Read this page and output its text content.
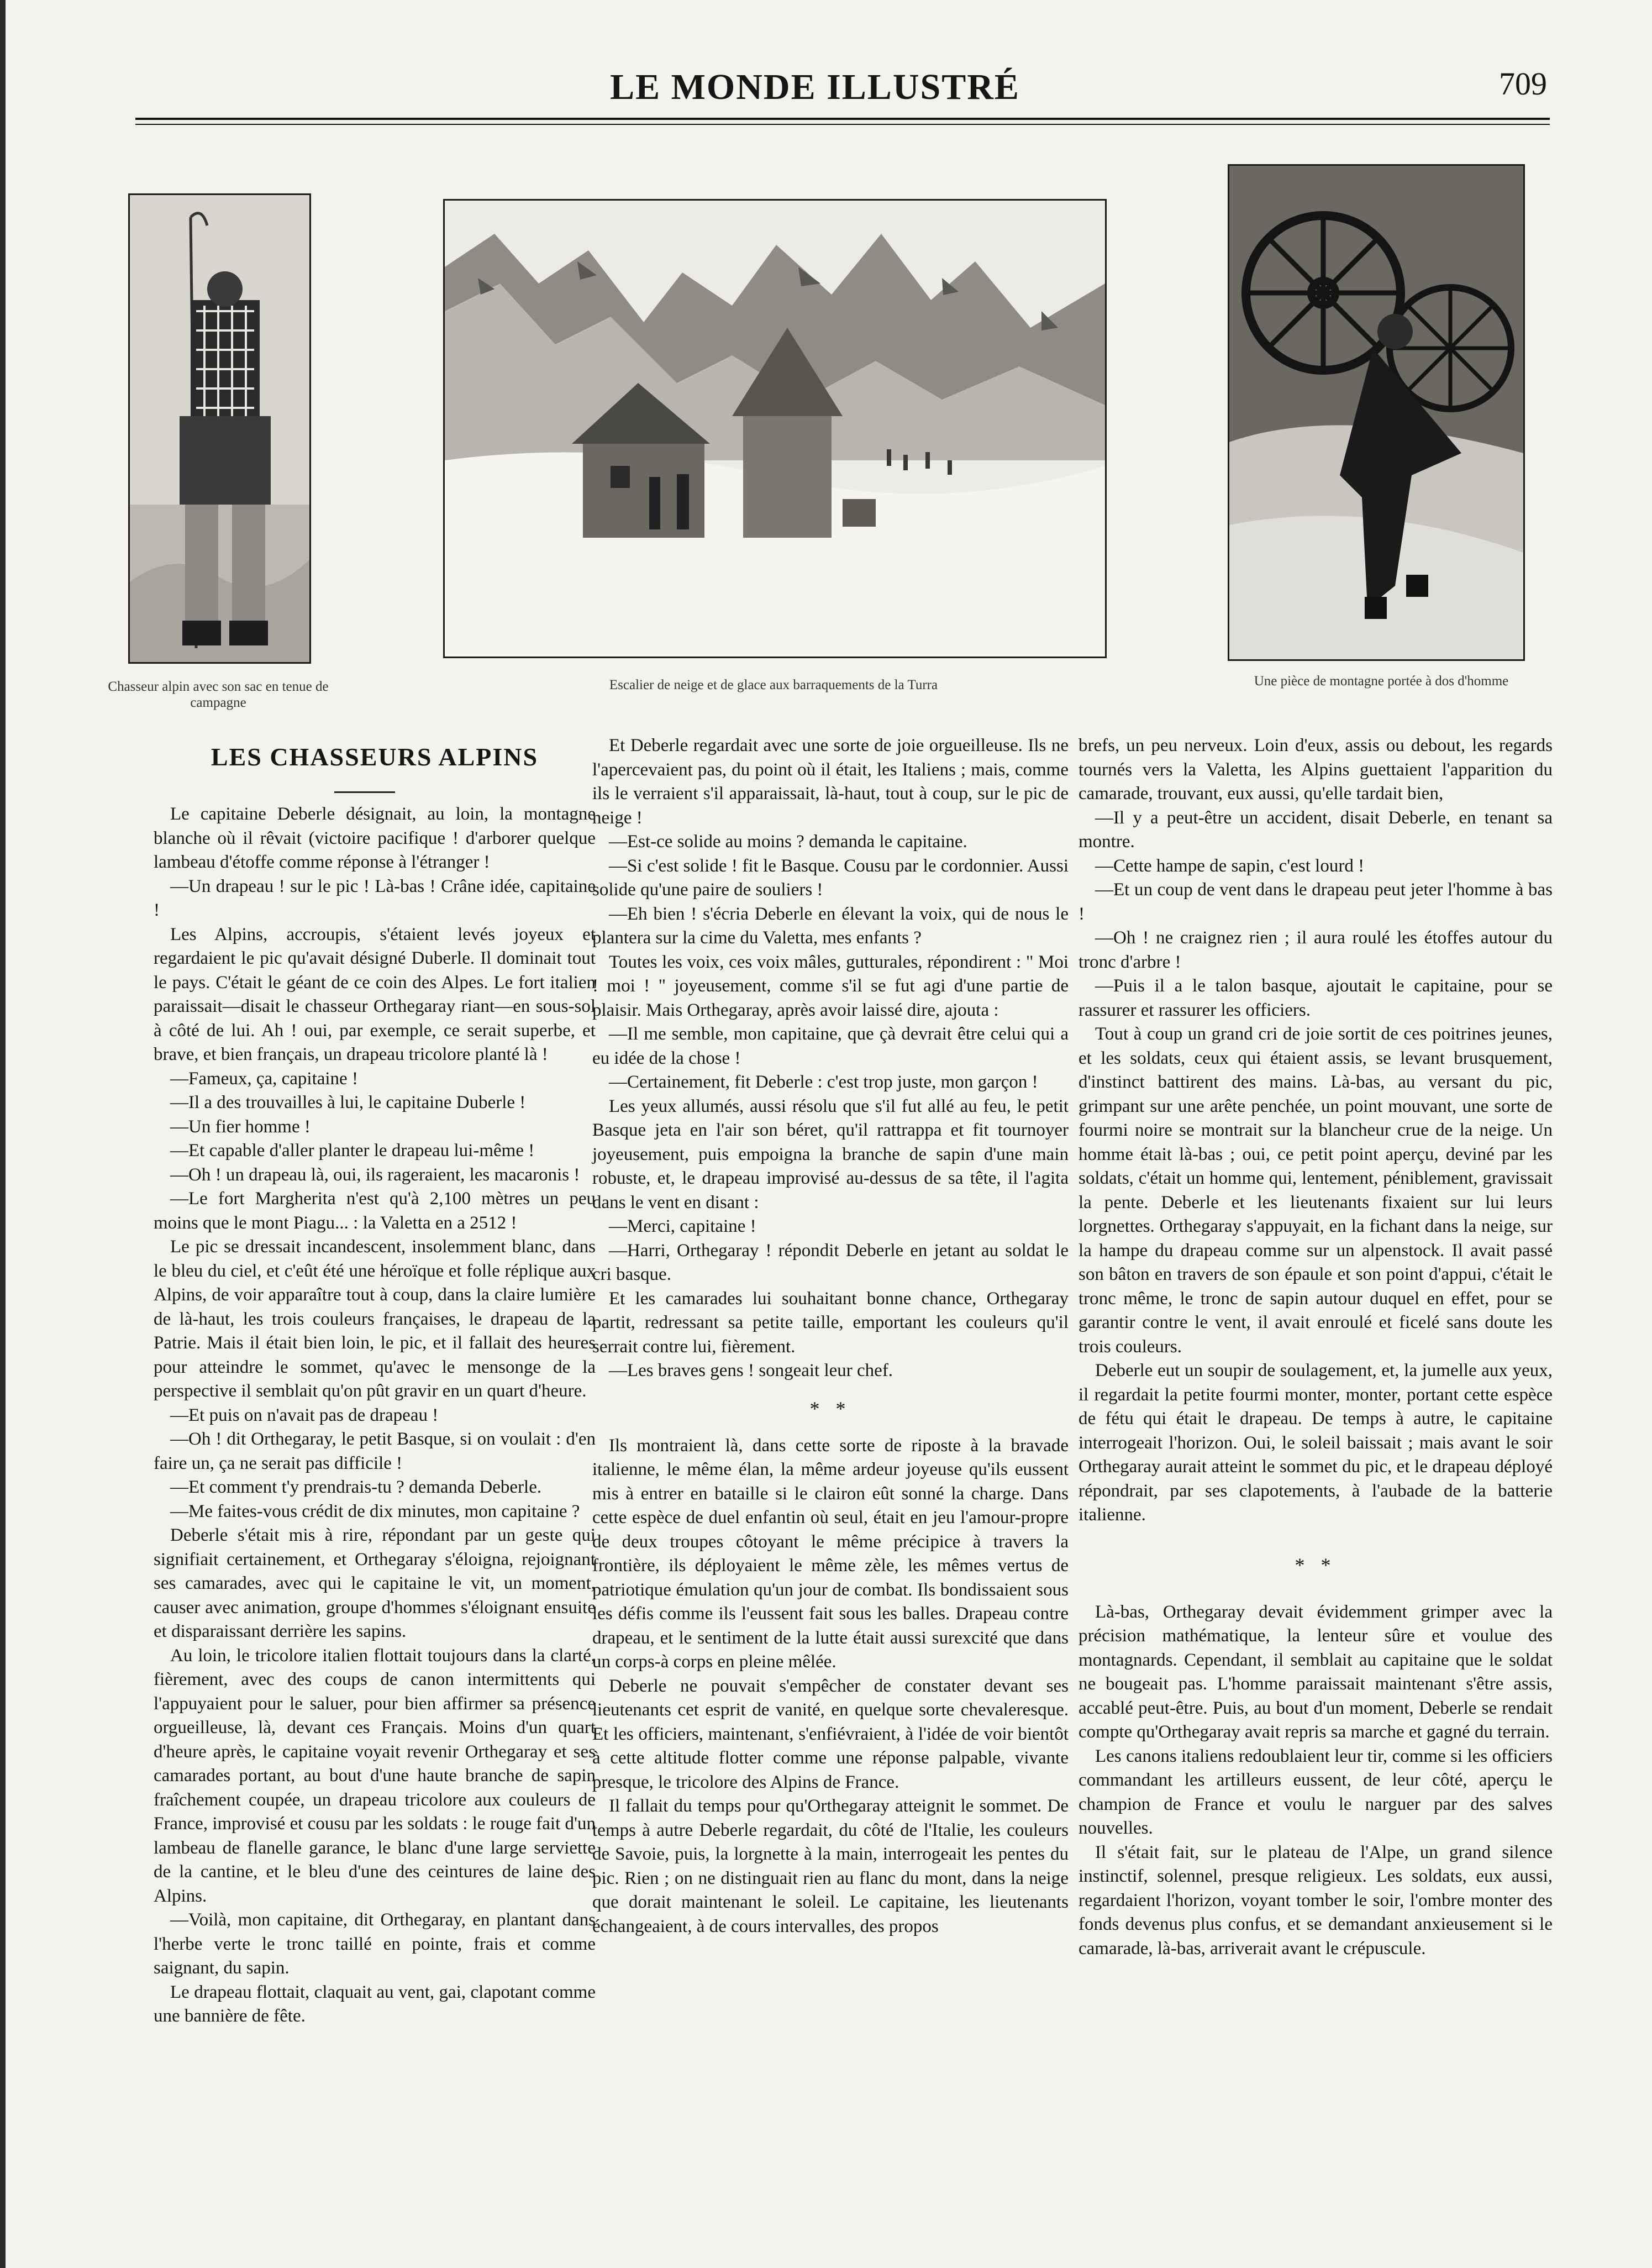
LE MONDE ILLUSTRÉ	709
Chasseur alpin avec son sac en tenue de campagne
Escalier de neige et de glace aux barraquements de la Turra	Une pièce de montagne portée à dos d'homme
LES CHASSEURS ALPINS

Le capitaine Deberle désignait, au loin, la montagne blanche où il rêvait (victoire pacifique ! d'arborer quelque lambeau d'étoffe comme réponse à l'étranger !

—Un drapeau ! sur le pic ! Là-bas ! Crâne idée, capitaine !

Les Alpins, accroupis, s'étaient levés joyeux et regardaient le pic qu'avait désigné Duberle. Il dominait tout le pays. C'était le géant de ce coin des Alpes. Le fort italien paraissait—disait le chasseur Orthegaray riant—en sous-sol à côté de lui. Ah ! oui, par exemple, ce serait superbe, et brave, et bien français, un drapeau tricolore planté là !

—Fameux, ça, capitaine !

—Il a des trouvailles à lui, le capitaine Duberle !

—Un fier homme !

—Et capable d'aller planter le drapeau lui-même !

—Oh ! un drapeau là, oui, ils rageraient, les macaronis !

—Le fort Margherita n'est qu'à 2,100 mètres un peu moins que le mont Piagu... : la Valetta en a 2512 !

Le pic se dressait incandescent, insolemment blanc, dans le bleu du ciel, et c'eût été une héroïque et folle réplique aux Alpins, de voir apparaître tout à coup, dans la claire lumière de là-haut, les trois couleurs françaises, le drapeau de la Patrie. Mais il était bien loin, le pic, et il fallait des heures pour atteindre le sommet, qu'avec le mensonge de la perspective il semblait qu'on pût gravir en un quart d'heure.

—Et puis on n'avait pas de drapeau !

—Oh ! dit Orthegaray, le petit Basque, si on voulait : d'en faire un, ça ne serait pas difficile !

—Et comment t'y prendrais-tu ? demanda Deberle.

—Me faites-vous crédit de dix minutes, mon capitaine ?

Deberle s'était mis à rire, répondant par un geste qui signifiait certainement, et Orthegaray s'éloigna, rejoignant ses camarades, avec qui le capitaine le vit, un moment, causer avec animation, groupe d'hommes s'éloignant ensuite et disparaissant derrière les sapins.

Au loin, le tricolore italien flottait toujours dans la clarté, fièrement, avec des coups de canon intermittents qui l'appuyaient pour le saluer, pour bien affirmer sa présence orgueilleuse, là, devant ces Français. Moins d'un quart d'heure après, le capitaine voyait revenir Orthegaray et ses camarades portant, au bout d'une haute branche de sapin fraîchement coupée, un drapeau tricolore aux couleurs de France, improvisé et cousu par les soldats : le rouge fait d'un lambeau de flanelle garance, le blanc d'une large serviette de la cantine, et le bleu d'une des ceintures de laine des Alpins.

—Voilà, mon capitaine, dit Orthegaray, en plantant dans l'herbe verte le tronc taillé en pointe, frais et comme saignant, du sapin.

Le drapeau flottait, claquait au vent, gai, clapotant comme une bannière de fête.

Et Deberle regardait avec une sorte de joie orgueilleuse. Ils ne l'apercevaient pas, du point où il était, les Italiens ; mais, comme ils le verraient s'il apparaissait, là-haut, tout à coup, sur le pic de neige !

—Est-ce solide au moins ? demanda le capitaine.

—Si c'est solide ! fit le Basque. Cousu par le cordonnier. Aussi solide qu'une paire de souliers !

—Eh bien ! s'écria Deberle en élevant la voix, qui de nous le plantera sur la cime du Valetta, mes enfants ?

Toutes les voix, ces voix mâles, gutturales, répondirent : " Moi ! moi ! " joyeusement, comme s'il se fut agi d'une partie de plaisir. Mais Orthegaray, après avoir laissé dire, ajouta :

—Il me semble, mon capitaine, que çà devrait être celui qui a eu idée de la chose !

—Certainement, fit Deberle : c'est trop juste, mon garçon !

Les yeux allumés, aussi résolu que s'il fut allé au feu, le petit Basque jeta en l'air son béret, qu'il rattrappa et fit tournoyer joyeusement, puis empoigna la branche de sapin d'une main robuste, et, le drapeau improvisé au-dessus de sa tête, il l'agita dans le vent en disant :

—Merci, capitaine !

—Harri, Orthegaray ! répondit Deberle en jetant au soldat le cri basque.

Et les camarades lui souhaitant bonne chance, Orthegaray partit, redressant sa petite taille, emportant les couleurs qu'il serrait contre lui, fièrement.

—Les braves gens ! songeait leur chef.

* *

Ils montraient là, dans cette sorte de riposte à la bravade italienne, le même élan, la même ardeur joyeuse qu'ils eussent mis à entrer en bataille si le clairon eût sonné la charge. Dans cette espèce de duel enfantin où seul, était en jeu l'amour-propre de deux troupes côtoyant le même précipice à travers la frontière, ils déployaient le même zèle, les mêmes vertus de patriotique émulation qu'un jour de combat. Ils bondissaient sous les défis comme ils l'eussent fait sous les balles. Drapeau contre drapeau, et le sentiment de la lutte était aussi surexcité que dans un corps-à corps en pleine mêlée.

Deberle ne pouvait s'empêcher de constater devant ses lieutenants cet esprit de vanité, en quelque sorte chevaleresque. Et les officiers, maintenant, s'enfiévraient, à l'idée de voir bientôt à cette altitude flotter comme une réponse palpable, vivante presque, le tricolore des Alpins de France.

Il fallait du temps pour qu'Orthegaray atteignit le sommet. De temps à autre Deberle regardait, du côté de l'Italie, les couleurs de Savoie, puis, la lorgnette à la main, interrogeait les pentes du pic. Rien ; on ne distinguait rien au flanc du mont, dans la neige que dorait maintenant le soleil. Le capitaine, les lieutenants échangeaient, à de cours intervalles, des propos

brefs, un peu nerveux. Loin d'eux, assis ou debout, les regards tournés vers la Valetta, les Alpins guettaient l'apparition du camarade, trouvant, eux aussi, qu'elle tardait bien,

—Il y a peut-être un accident, disait Deberle, en tenant sa montre.

—Cette hampe de sapin, c'est lourd !

—Et un coup de vent dans le drapeau peut jeter l'homme à bas !

—Oh ! ne craignez rien ; il aura roulé les étoffes autour du tronc d'arbre !

—Puis il a le talon basque, ajoutait le capitaine, pour se rassurer et rassurer les officiers.

Tout à coup un grand cri de joie sortit de ces poitrines jeunes, et les soldats, ceux qui étaient assis, se levant brusquement, d'instinct battirent des mains. Là-bas, au versant du pic, grimpant sur une arête penchée, un point mouvant, une sorte de fourmi noire se montrait sur la blancheur crue de la neige. Un homme était là-bas ; oui, ce petit point aperçu, deviné par les soldats, c'était un homme qui, lentement, péniblement, gravissait la pente. Deberle et les lieutenants fixaient sur lui leurs lorgnettes. Orthegaray s'appuyait, en la fichant dans la neige, sur la hampe du drapeau comme sur un alpenstock. Il avait passé son bâton en travers de son épaule et son point d'appui, c'était le tronc même, le tronc de sapin autour duquel en effet, pour se garantir contre le vent, il avait enroulé et ficelé sans doute les trois couleurs.

Deberle eut un soupir de soulagement, et, la jumelle aux yeux, il regardait la petite fourmi monter, monter, portant cette espèce de fétu qui était le drapeau. De temps à autre, le capitaine interrogeait l'horizon. Oui, le soleil baissait ; mais avant le soir Orthegaray aurait atteint le sommet du pic, et le drapeau déployé répondrait, par ses clapotements, à l'aubade de la batterie italienne.

* *

Là-bas, Orthegaray devait évidemment grimper avec la précision mathématique, la lenteur sûre et voulue des montagnards. Cependant, il semblait au capitaine que le soldat ne bougeait pas. L'homme paraissait maintenant s'être assis, accablé peut-être. Puis, au bout d'un moment, Deberle se rendait compte qu'Orthegaray avait repris sa marche et gagné du terrain.

Les canons italiens redoublaient leur tir, comme si les officiers commandant les artilleurs eussent, de leur côté, aperçu le champion de France et voulu le narguer par des salves nouvelles.

Il s'était fait, sur le plateau de l'Alpe, un grand silence instinctif, solennel, presque religieux. Les soldats, eux aussi, regardaient l'horizon, voyant tomber le soir, l'ombre monter des fonds devenus plus confus, et se demandant anxieusement si le camarade, là-bas, arriverait avant le crépuscule.
